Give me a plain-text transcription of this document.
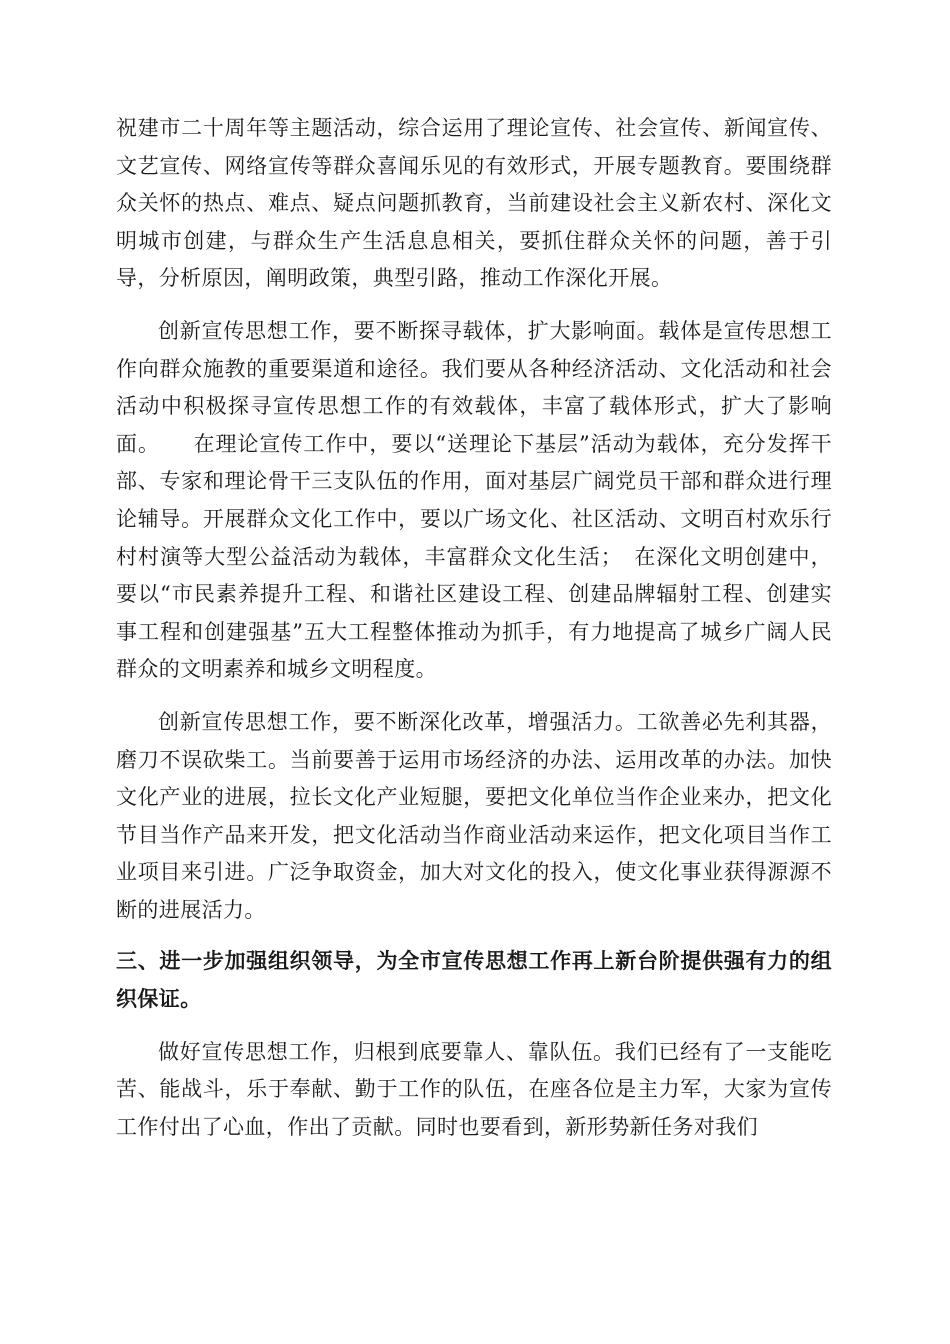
祝建市二十周年等主题活动，综合运用了理论宣传、社会宣传、新闻宣传、文艺宣传、网络宣传等群众喜闻乐见的有效形式，开展专题教育。要围绕群众关怀的热点、难点、疑点问题抓教育，当前建设社会主义新农村、深化文明城市创建，与群众生产生活息息相关，要抓住群众关怀的问题，善于引导，分析原因，阐明政策，典型引路，推动工作深化开展。

创新宣传思想工作，要不断探寻载体，扩大影响面。载体是宣传思想工作向群众施教的重要渠道和途径。我们要从各种经济活动、文化活动和社会活动中积极探寻宣传思想工作的有效载体，丰富了载体形式，扩大了影响面。　　在理论宣传工作中，要以“送理论下基层”活动为载体，充分发挥干部、专家和理论骨干三支队伍的作用，面对基层广阔党员干部和群众进行理论辅导。开展群众文化工作中，要以广场文化、社区活动、文明百村欢乐行村村演等大型公益活动为载体，丰富群众文化生活；　在深化文明创建中，要以“市民素养提升工程、和谐社区建设工程、创建品牌辐射工程、创建实事工程和创建强基”五大工程整体推动为抓手，有力地提高了城乡广阔人民群众的文明素养和城乡文明程度。

创新宣传思想工作，要不断深化改革，增强活力。工欲善必先利其器，磨刀不误砍柴工。当前要善于运用市场经济的办法、运用改革的办法。加快文化产业的进展，拉长文化产业短腿，要把文化单位当作企业来办，把文化节目当作产品来开发，把文化活动当作商业活动来运作，把文化项目当作工业项目来引进。广泛争取资金，加大对文化的投入，使文化事业获得源源不断的进展活力。

三、进一步加强组织领导，为全市宣传思想工作再上新台阶提供强有力的组织保证。

做好宣传思想工作，归根到底要靠人、靠队伍。我们已经有了一支能吃苦、能战斗，乐于奉献、勤于工作的队伍，在座各位是主力军，大家为宣传工作付出了心血，作出了贡献。同时也要看到，新形势新任务对我们
